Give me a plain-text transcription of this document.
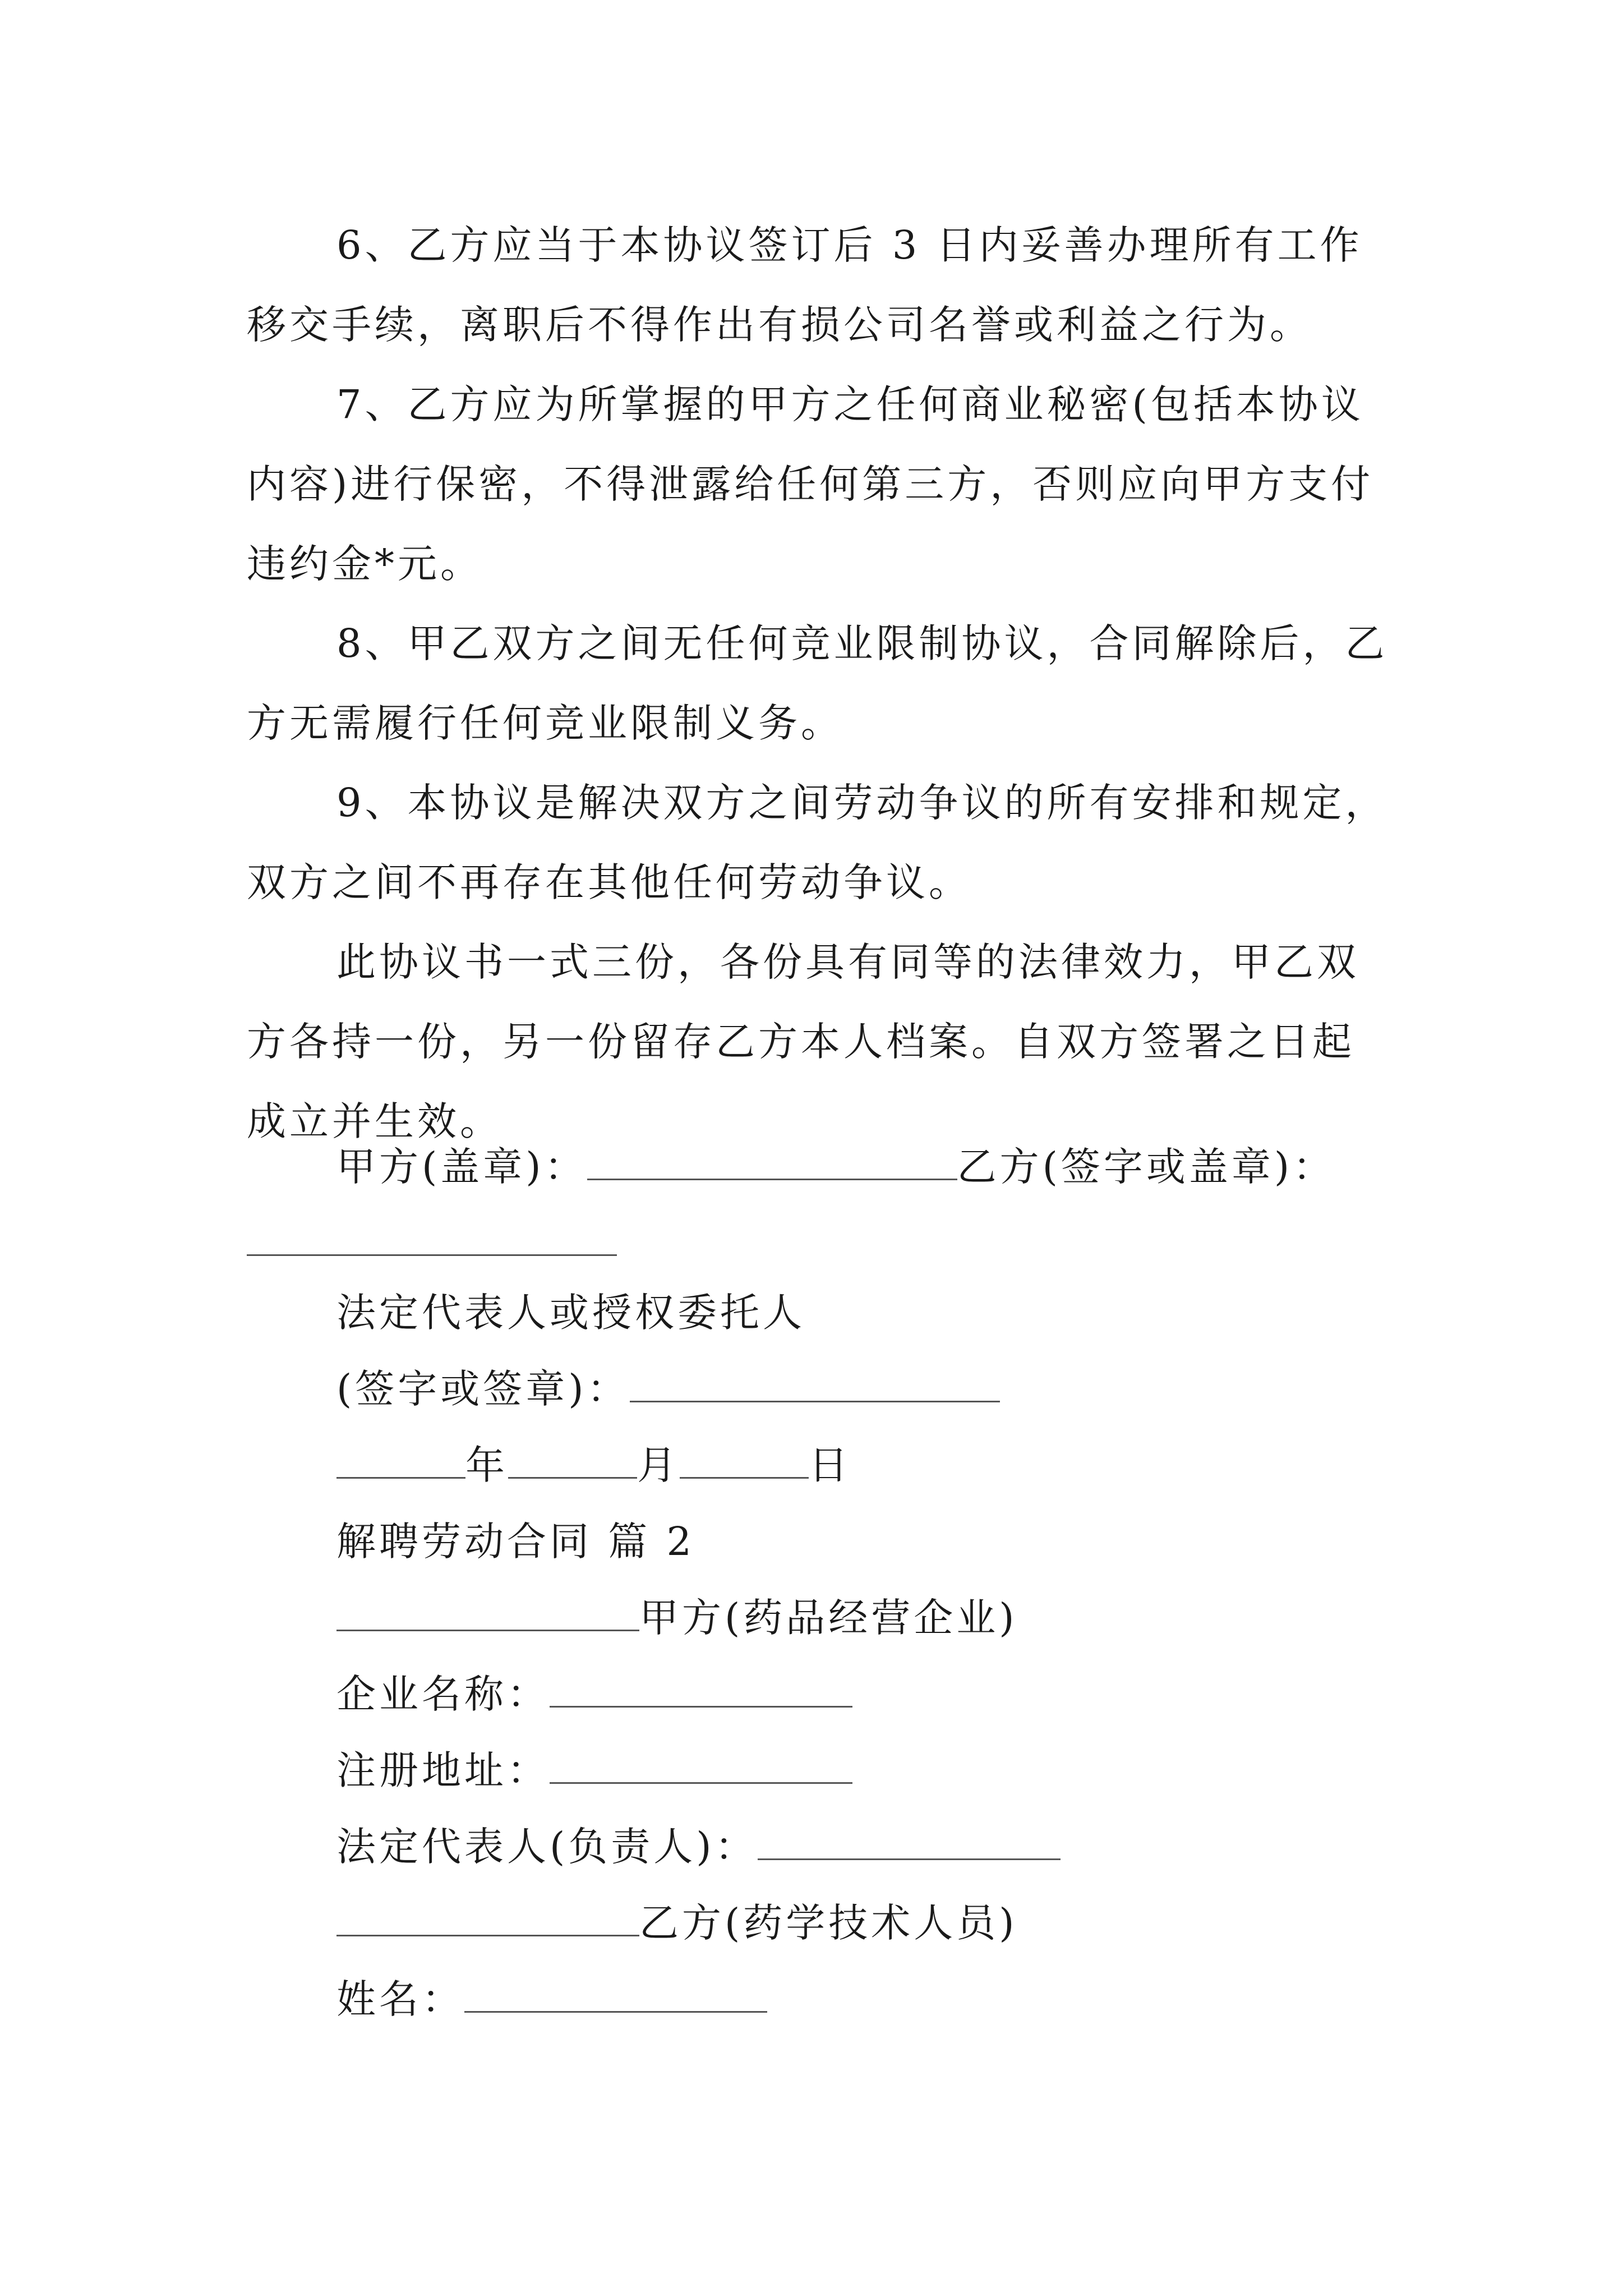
6、乙方应当于本协议签订后 3 日内妥善办理所有工作移交手续，离职后不得作出有损公司名誉或利益之行为。

7、乙方应为所掌握的甲方之任何商业秘密(包括本协议内容)进行保密，不得泄露给任何第三方，否则应向甲方支付违约金*元。

8、甲乙双方之间无任何竞业限制协议，合同解除后，乙方无需履行任何竞业限制义务。

9、本协议是解决双方之间劳动争议的所有安排和规定，双方之间不再存在其他任何劳动争议。

此协议书一式三份，各份具有同等的法律效力，甲乙双方各持一份，另一份留存乙方本人档案。自双方签署之日起成立并生效。

甲方(盖章)：	乙方(签字或盖章)：
法定代表人或授权委托人
(签字或签章)：
年	月	日
解聘劳动合同 篇 2
甲方(药品经营企业)
企业名称：
注册地址：
法定代表人(负责人)：
乙方(药学技术人员)
姓名：
